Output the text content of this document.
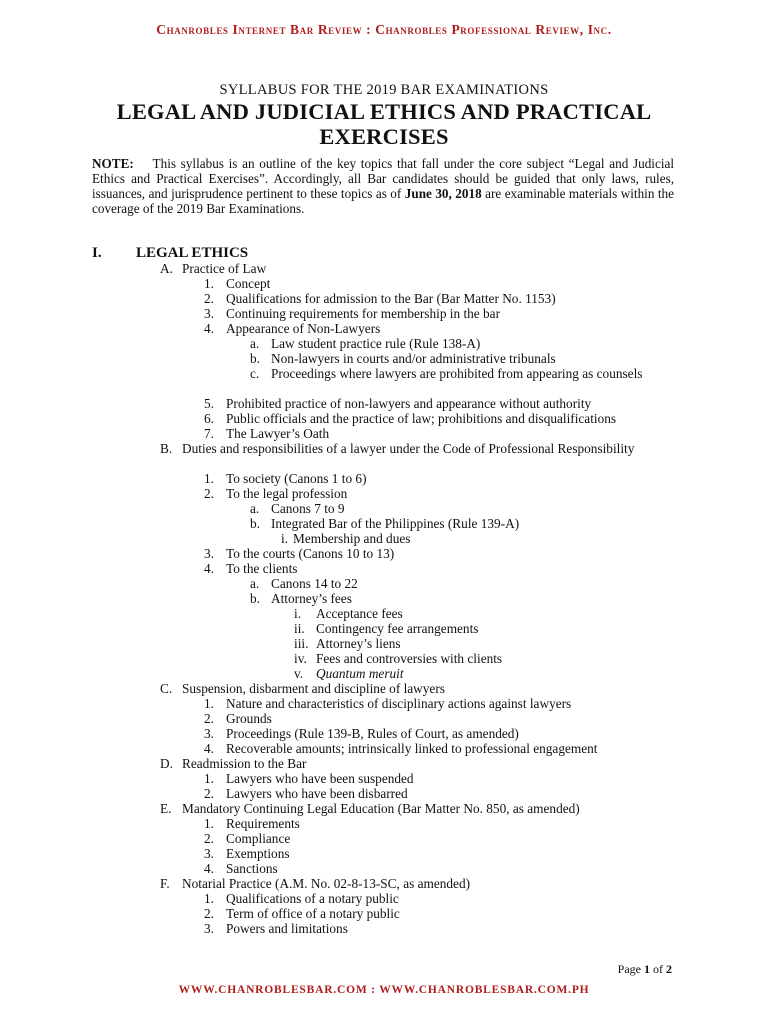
Chanrobles Internet Bar Review : Chanrobles Professional Review, Inc.
SYLLABUS FOR THE 2019 BAR EXAMINATIONS
LEGAL AND JUDICIAL ETHICS AND PRACTICAL EXERCISES
NOTE: This syllabus is an outline of the key topics that fall under the core subject “Legal and Judicial Ethics and Practical Exercises”. Accordingly, all Bar candidates should be guided that only laws, rules, issuances, and jurisprudence pertinent to these topics as of June 30, 2018 are examinable materials within the coverage of the 2019 Bar Examinations.
I. LEGAL ETHICS
A. Practice of Law
1. Concept
2. Qualifications for admission to the Bar (Bar Matter No. 1153)
3. Continuing requirements for membership in the bar
4. Appearance of Non-Lawyers
a. Law student practice rule (Rule 138-A)
b. Non-lawyers in courts and/or administrative tribunals
c. Proceedings where lawyers are prohibited from appearing as counsels
5. Prohibited practice of non-lawyers and appearance without authority
6. Public officials and the practice of law; prohibitions and disqualifications
7. The Lawyer’s Oath
B. Duties and responsibilities of a lawyer under the Code of Professional Responsibility
1. To society (Canons 1 to 6)
2. To the legal profession
a. Canons 7 to 9
b. Integrated Bar of the Philippines (Rule 139-A)
i. Membership and dues
3. To the courts (Canons 10 to 13)
4. To the clients
a. Canons 14 to 22
b. Attorney’s fees
i. Acceptance fees
ii. Contingency fee arrangements
iii. Attorney’s liens
iv. Fees and controversies with clients
v. Quantum meruit
C. Suspension, disbarment and discipline of lawyers
1. Nature and characteristics of disciplinary actions against lawyers
2. Grounds
3. Proceedings (Rule 139-B, Rules of Court, as amended)
4. Recoverable amounts; intrinsically linked to professional engagement
D. Readmission to the Bar
1. Lawyers who have been suspended
2. Lawyers who have been disbarred
E. Mandatory Continuing Legal Education (Bar Matter No. 850, as amended)
1. Requirements
2. Compliance
3. Exemptions
4. Sanctions
F. Notarial Practice (A.M. No. 02-8-13-SC, as amended)
1. Qualifications of a notary public
2. Term of office of a notary public
3. Powers and limitations
Page 1 of 2
WWW.CHANROBLESBAR.COM : WWW.CHANROBLESBAR.COM.PH
